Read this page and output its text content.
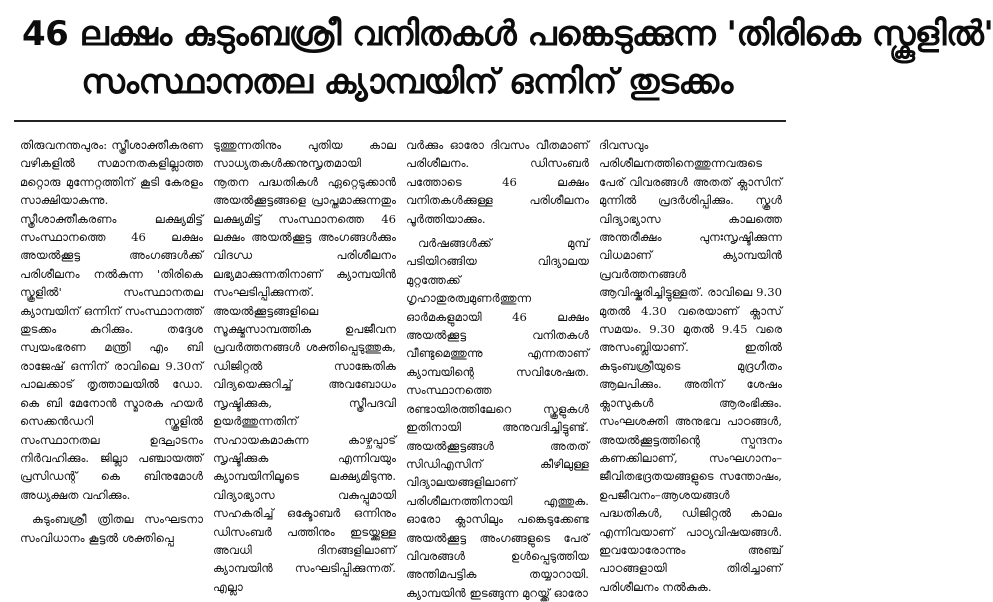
46 ലക്ഷം കുടുംബശ്രീ വനിതകൾ പങ്കെടുക്കുന്ന 'തിരികെ സ്കൂളിൽ'
സംസ്ഥാനതല ക്യാമ്പയിന് ഒന്നിന് തുടക്കം

തിരുവനന്തപുരം: സ്ത്രീശാക്തീകരണ വഴികളിൽ സമാനതകളില്ലാത്ത മറ്റൊരു മുന്നേറ്റത്തിന് കൂടി കേരളം സാക്ഷിയാകുന്നു. സ്ത്രീശാക്തീകരണം ലക്ഷ്യമിട്ട് സംസ്ഥാനത്തെ 46 ലക്ഷം അയൽക്കൂട്ട അംഗങ്ങൾക്ക് പരിശീലനം നൽകുന്ന 'തിരികെ സ്കൂളിൽ' സംസ്ഥാനതല ക്യാമ്പയിന് ഒന്നിന് സംസ്ഥാനത്ത് തുടക്കം കുറിക്കും. തദ്ദേശ സ്വയംഭരണ മന്ത്രി എം ബി രാജേഷ് ഒന്നിന് രാവിലെ 9.30ന് പാലക്കാട് തൃത്താലയിൽ ഡോ. കെ ബി മേനോൻ സ്മാരക ഹയർ സെക്കൻഡറി സ്കൂളിൽ സംസ്ഥാനതല ഉദ്ഘാടനം നിർവഹിക്കും. ജില്ലാ പഞ്ചായത്ത് പ്രസിഡന്റ് കെ ബിനുമോൾ അധ്യക്ഷത വഹിക്കും.

കുടുംബശ്രീ ത്രിതല സംഘടനാ സംവിധാനം കൂട്ടൽ ശക്തിപ്പെ

ടുത്തുന്നതിനും പുതിയ കാല സാധ്യതകൾക്കനുസൃതമായി നൂതന പദ്ധതികൾ ഏറ്റെടുക്കാൻ അയൽക്കൂട്ടങ്ങളെ പ്രാപ്തമാക്കുന്നതും ലക്ഷ്യമിട്ട് സംസ്ഥാനത്തെ 46 ലക്ഷം അയൽക്കൂട്ട അംഗങ്ങൾക്കും വിദഗ്ധ പരിശീലനം ലഭ്യമാക്കുന്നതിനാണ് ക്യാമ്പയിൻ സംഘടിപ്പിക്കുന്നത്. അയൽക്കൂട്ടങ്ങളിലെ സൂക്ഷ്മസാമ്പത്തിക ഉപജീവന പ്രവർത്തനങ്ങൾ ശക്തിപ്പെടുത്തുക, ഡിജിറ്റൽ സാങ്കേതിക വിദ്യയെക്കുറിച്ച് അവബോധം സൃഷ്ടിക്കുക, സ്ത്രീപദവി ഉയർത്തുന്നതിന് സഹായകമാകുന്ന കാഴ്ചപ്പാട് സൃഷ്ടിക്കുക എന്നിവയും ക്യാമ്പയിനിലൂടെ ലക്ഷ്യമിടുന്നു. വിദ്യാഭ്യാസ വകുപ്പുമായി സഹകരിച്ച് ഒക്ടോബർ ഒന്നിനും ഡിസംബർ പത്തിനും ഇടയ്ക്കുള്ള അവധി ദിനങ്ങളിലാണ് ക്യാമ്പയിൻ സംഘടിപ്പിക്കുന്നത്. എല്ലാ

വർക്കും ഓരോ ദിവസം വീതമാണ് പരിശീലനം. ഡിസംബർ പത്തോടെ 46 ലക്ഷം വനിതകൾക്കുള്ള പരിശീലനം പൂർത്തിയാക്കും.

വർഷങ്ങൾക്ക് മുമ്പ് പടിയിറങ്ങിയ വിദ്യാലയ മുറ്റത്തേക്ക് ഗൃഹാതുരത്വമുണർത്തുന്ന ഓർമകളുമായി 46 ലക്ഷം അയൽക്കൂട്ട വനിതകൾ വീണ്ടുമെത്തുന്നു എന്നതാണ് ക്യാമ്പയിന്റെ സവിശേഷത. സംസ്ഥാനത്തെ രണ്ടായിരത്തിലേറെ സ്കൂളുകൾ ഇതിനായി അനുവദിച്ചിട്ടുണ്ട്. അയൽക്കൂട്ടങ്ങൾ അതത് സിഡിഎസിന് കീഴിലുള്ള വിദ്യാലയങ്ങളിലാണ് പരിശീലനത്തിനായി എത്തുക. ഓരോ ക്ലാസിലും പങ്കെടുക്കേണ്ട അയൽക്കൂട്ട അംഗങ്ങളുടെ പേര് വിവരങ്ങൾ ഉൾപ്പെടുത്തിയ അന്തിമപട്ടിക തയ്യാറായി. ക്യാമ്പയിൻ ഇടങ്ങുന്ന മുറയ്ക്ക് ഓരോ

ദിവസവും പരിശീലനത്തിനെത്തുന്നവരുടെ പേര് വിവരങ്ങൾ അതത് ക്ലാസിന് മുന്നിൽ പ്രദർശിപ്പിക്കും. സ്കൂൾ വിദ്യാഭ്യാസ കാലത്തെ അന്തരീക്ഷം പുനഃസൃഷ്ടിക്കുന്ന വിധമാണ് ക്യാമ്പയിൻ പ്രവർത്തനങ്ങൾ ആവിഷ്കരിച്ചിട്ടുള്ളത്. രാവിലെ 9.30 മുതൽ 4.30 വരെയാണ് ക്ലാസ് സമയം. 9.30 മുതൽ 9.45 വരെ അസംബ്ലിയാണ്. ഇതിൽ കുടുംബശ്രീയുടെ മുദ്രഗീതം ആലപിക്കും. അതിന് ശേഷം ക്ലാസുകൾ ആരംഭിക്കും. സംഘശക്തി അനുഭവ പാഠങ്ങൾ, അയൽക്കൂട്ടത്തിന്റെ സ്പന്ദനം കണക്കിലാണ്, സംഘഗാനം–ജീവിതഭദ്രതയങ്ങളുടെ സന്തോഷം, ഉപജീവനം–ആശയങ്ങൾ പദ്ധതികൾ, ഡിജിറ്റൽ കാലം എന്നിവയാണ് പാഠ്യവിഷയങ്ങൾ. ഇവയോരോന്നും അഞ്ച് പാഠങ്ങളായി തിരിച്ചാണ് പരിശീലനം നൽകുക.
